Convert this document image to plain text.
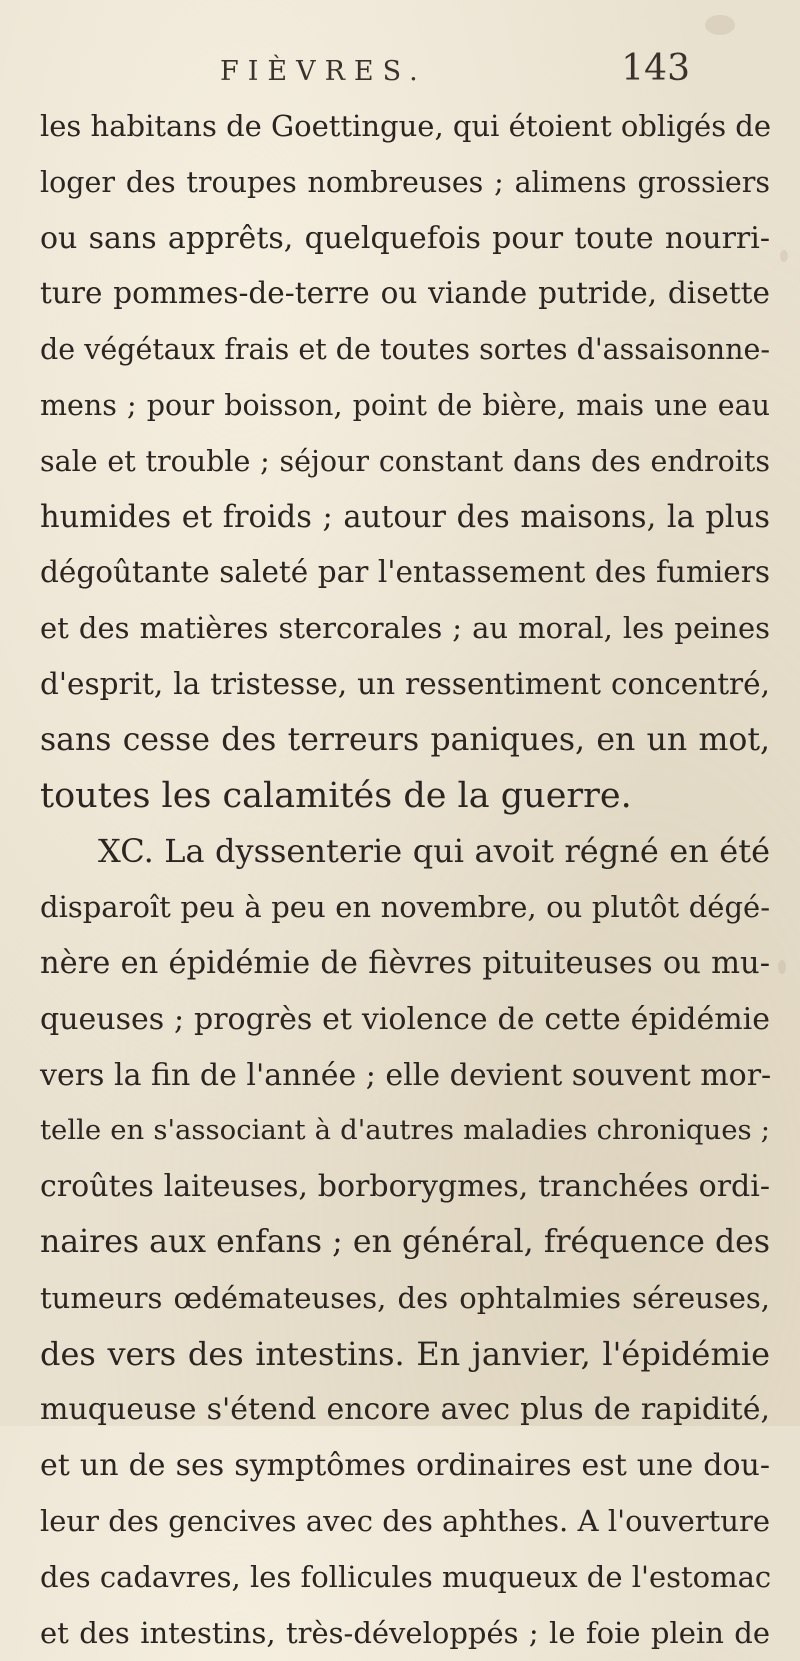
FIÈVRES.	143
les habitans de Goettingue, qui étoient obligés de
loger des troupes nombreuses ; alimens grossiers
ou sans apprêts, quelquefois pour toute nourri-
ture pommes-de-terre ou viande putride, disette
de végétaux frais et de toutes sortes d'assaisonne-
mens ; pour boisson, point de bière, mais une eau
sale et trouble ; séjour constant dans des endroits
humides et froids ; autour des maisons, la plus
dégoûtante saleté par l'entassement des fumiers
et des matières stercorales ; au moral, les peines
d'esprit, la tristesse, un ressentiment concentré,
sans cesse des terreurs paniques, en un mot,
toutes les calamités de la guerre.
XC. La dyssenterie qui avoit régné en été
disparoît peu à peu en novembre, ou plutôt dégé-
nère en épidémie de fièvres pituiteuses ou mu-
queuses ; progrès et violence de cette épidémie
vers la fin de l'année ; elle devient souvent mor-
telle en s'associant à d'autres maladies chroniques ;
croûtes laiteuses, borborygmes, tranchées ordi-
naires aux enfans ; en général, fréquence des
tumeurs œdémateuses, des ophtalmies séreuses,
des vers des intestins. En janvier, l'épidémie
muqueuse s'étend encore avec plus de rapidité,
et un de ses symptômes ordinaires est une dou-
leur des gencives avec des aphthes. A l'ouverture
des cadavres, les follicules muqueux de l'estomac
et des intestins, très-développés ; le foie plein de
